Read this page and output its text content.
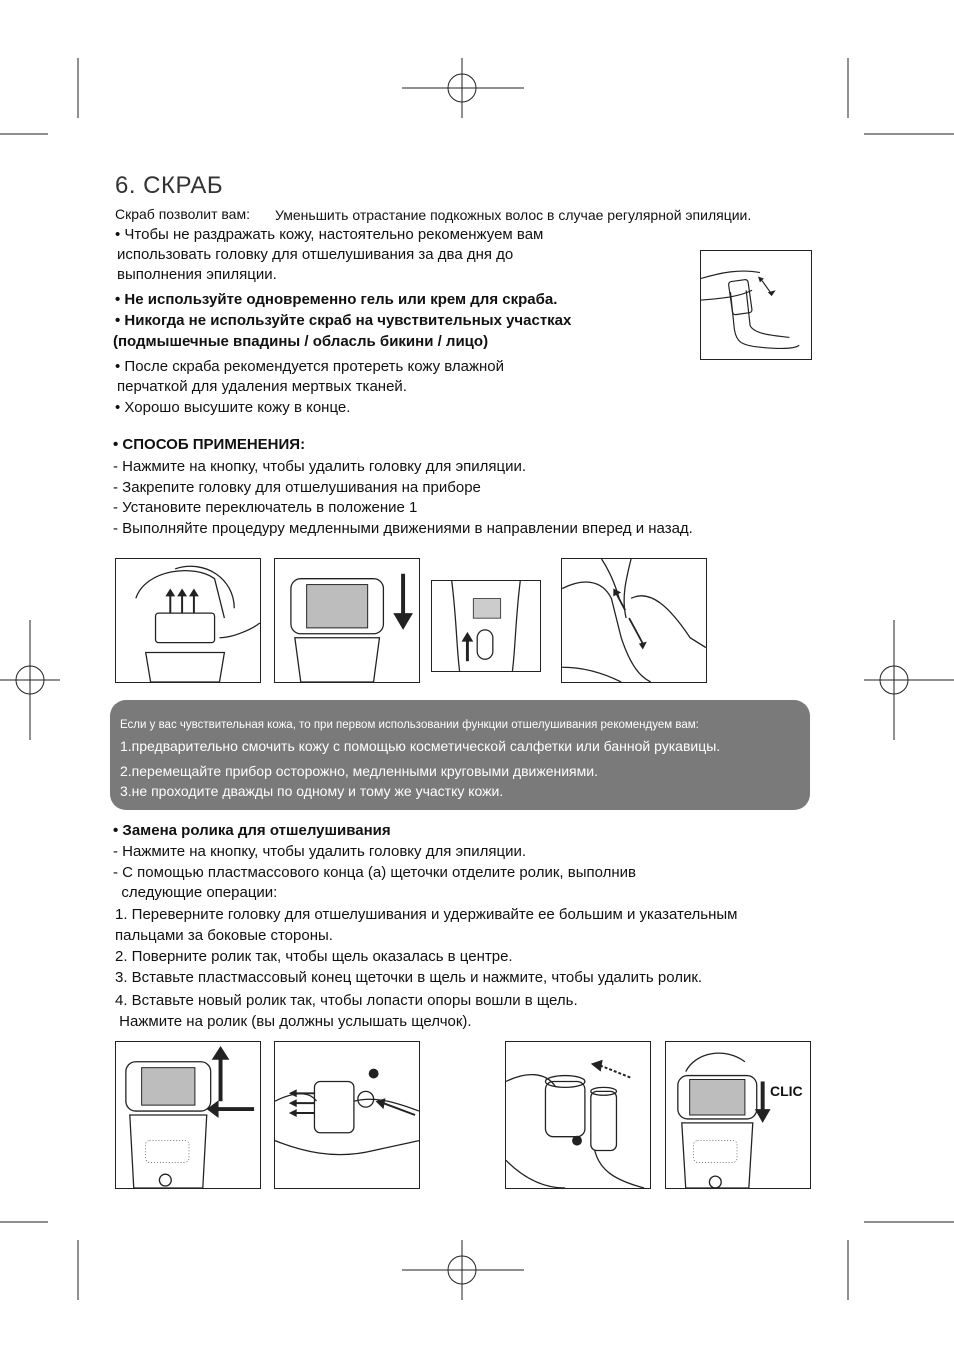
6. СКРАБ
Скраб позволит вам: Уменьшить отрастание подкожных волос в случае регулярной эпиляции.
• Чтобы не раздражать кожу, настоятельно рекоменжуем вам
использовать головку для отшелушивания за два дня до
выполнения эпиляции.
• Не используйте одновременно гель или крем для скраба.
• Никогда не используйте скраб на чувствительных участках
(подмышечные впадины / обласль бикини / лицо)
• После скраба рекомендуется протереть кожу влажной
перчаткой для удаления мертвых тканей.
• Хорошо высушите кожу в конце.
• СПОСОБ ПРИМЕНЕНИЯ:
- Нажмите на кнопку, чтобы удалить головку для эпиляции.
- Закрепите головку для отшелушивания на приборе
- Установите переключатель в положение 1
- Выполняйте процедуру медленными движениями в направлении вперед и назад.
Если у вас чувствительная кожа, то при первом использовании функции отшелушивания рекомендуем вам:
1.предварительно смочить кожу с помощью косметической салфетки или банной рукавицы.
2.перемещайте прибор осторожно, медленными круговыми движениями.
3.не проходите дважды по одному и тому же участку кожи.
• Замена ролика для отшелушивания
- Нажмите на кнопку, чтобы удалить головку для эпиляции.
- С помощью пластмассового конца (а) щеточки отделите ролик, выполнив
следующие операции:
1. Переверните головку для отшелушивания и удерживайте ее большим и указательным
пальцами за боковые стороны.
2. Поверните ролик так, чтобы щель оказалась в центре.
3. Вставьте пластмассовый конец щеточки в щель и нажмите, чтобы удалить ролик.
4. Вставьте новый ролик так, чтобы лопасти опоры вошли в щель.
Нажмите на ролик (вы должны услышать щелчок).
CLIC
